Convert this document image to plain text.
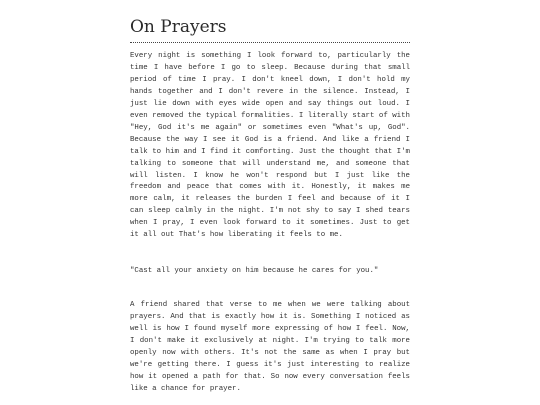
On Prayers

Every night is something I look forward to, particularly the time I have before I go to sleep. Because during that small period of time I pray. I don't kneel down, I don't hold my hands together and I don't revere in the silence. Instead, I just lie down with eyes wide open and say things out loud. I even removed the typical formalities. I literally start of with "Hey, God it's me again" or sometimes even "What's up, God". Because the way I see it God is a friend. And like a friend I talk to him and I find it comforting. Just the thought that I'm talking to someone that will understand me, and someone that will listen. I know he won't respond but I just like the freedom and peace that comes with it. Honestly, it makes me more calm, it releases the burden I feel and because of it I can sleep calmly in the night. I'm not shy to say I shed tears when I pray, I even look forward to it sometimes. Just to get it all out That's how liberating it feels to me.

"Cast all your anxiety on him because he cares for you."

A friend shared that verse to me when we were talking about prayers. And that is exactly how it is. Something I noticed as well is how I found myself more expressing of how I feel. Now, I don't make it exclusively at night. I'm trying to talk more openly now with others. It's not the same as when I pray but we're getting there. I guess it's just interesting to realize how it opened a path for that. So now every conversation feels like a chance for prayer.
